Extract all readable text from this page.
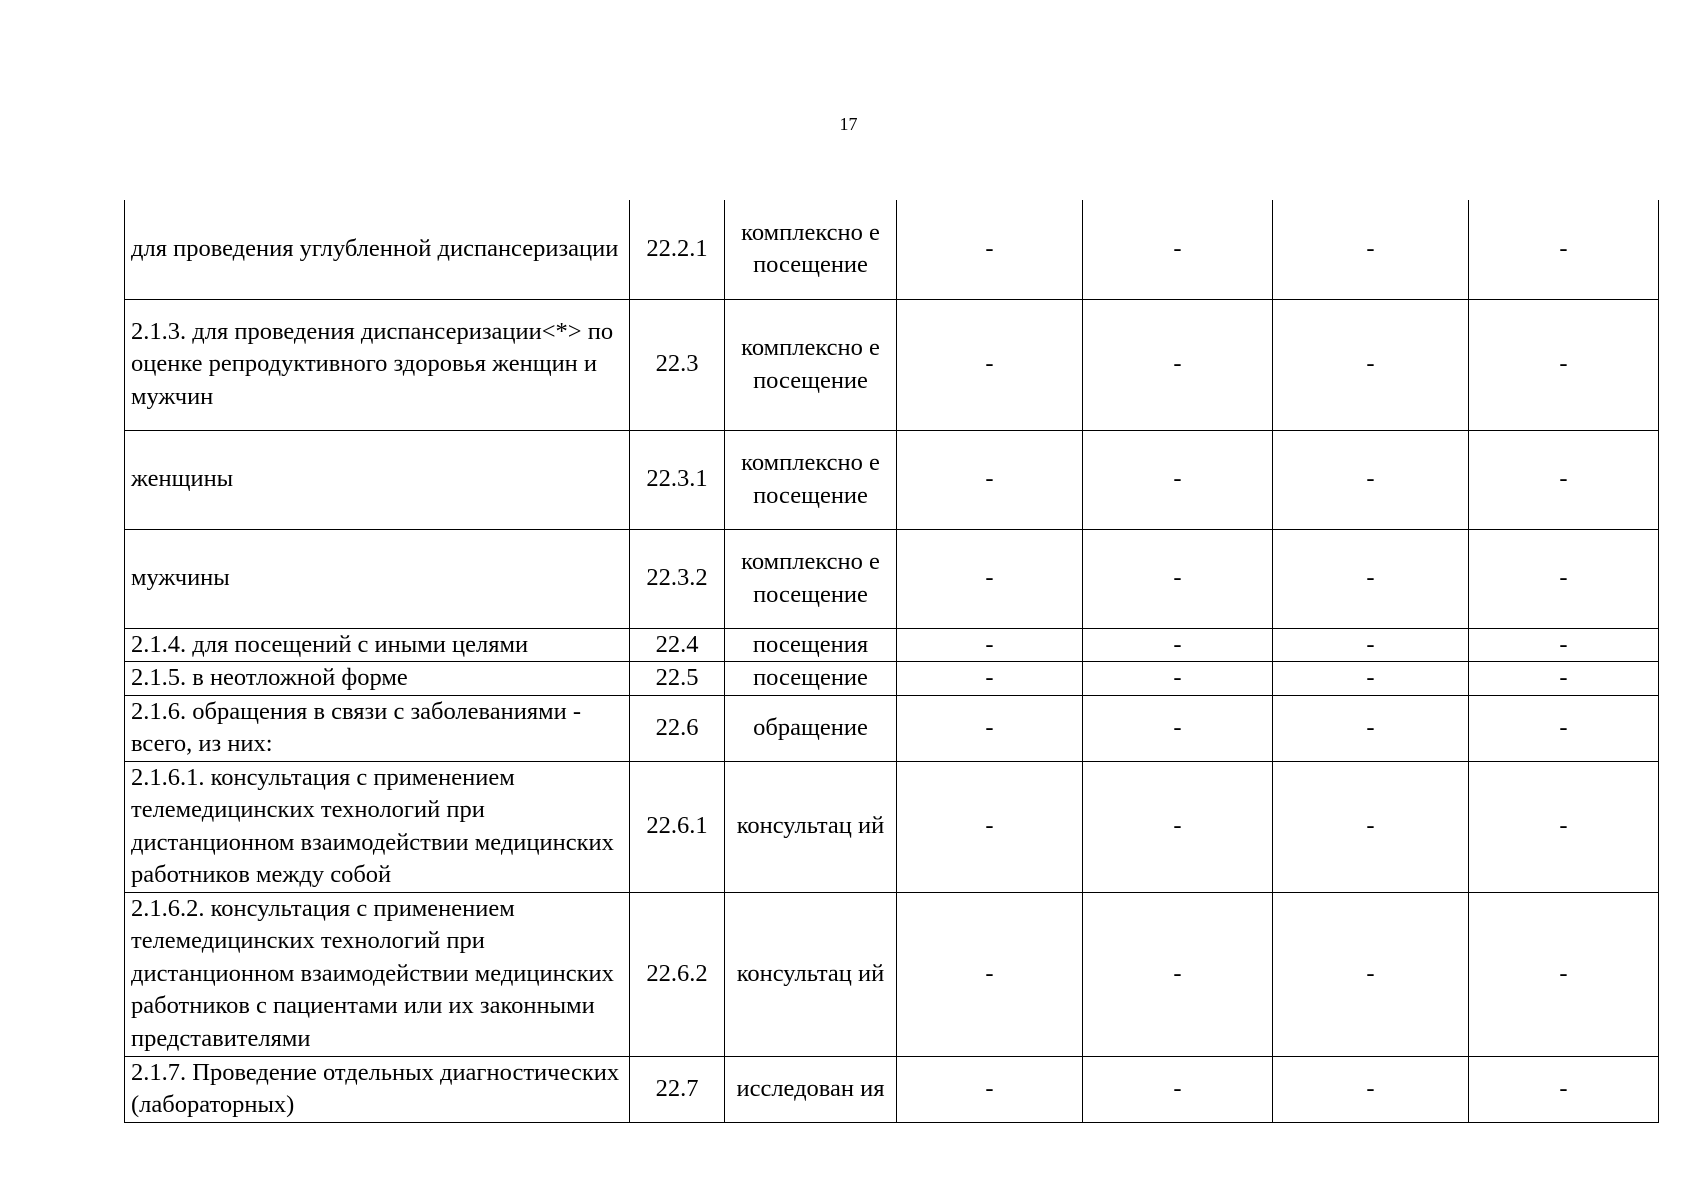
17
для проведения углубленной диспансеризации	22.2.1	комплексно е посещение	-	-	-	-
2.1.3. для проведения диспансеризации<*> по оценке репродуктивного здоровья женщин и мужчин	22.3	комплексно е посещение	-	-	-	-
женщины	22.3.1	комплексно е посещение	-	-	-	-
мужчины	22.3.2	комплексно е посещение	-	-	-	-
2.1.4. для посещений с иными целями	22.4	посещения	-	-	-	-
2.1.5. в неотложной форме	22.5	посещение	-	-	-	-
2.1.6. обращения в связи с заболеваниями - всего, из них:	22.6	обращение	-	-	-	-
2.1.6.1. консультация с применением телемедицинских технологий при дистанционном взаимодействии медицинских работников между собой	22.6.1	консультац ий	-	-	-	-
2.1.6.2. консультация с применением телемедицинских технологий при дистанционном взаимодействии медицинских работников с пациентами или их законными представителями	22.6.2	консультац ий	-	-	-	-
2.1.7. Проведение отдельных диагностических (лабораторных)	22.7	исследован ия	-	-	-	-
